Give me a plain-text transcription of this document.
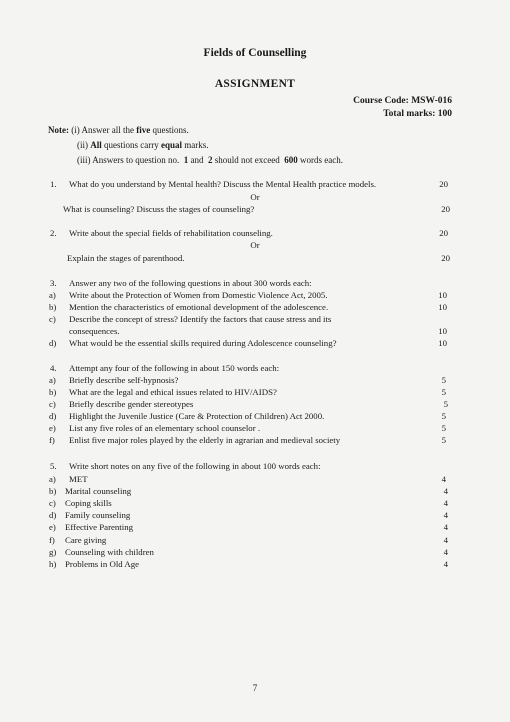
Fields of Counselling
ASSIGNMENT
Course Code: MSW-016
Total marks: 100
Note: (i) Answer all the five questions.
(ii) All questions carry equal marks.
(iii) Answers to question no. 1 and 2 should not exceed 600 words each.
1. What do you understand by Mental health? Discuss the Mental Health practice models.	20
Or
What is counseling? Discuss the stages of counseling?	20
2. Write about the special fields of rehabilitation counseling.	20
Or
Explain the stages of parenthood.	20
3. Answer any two of the following questions in about 300 words each:
a) Write about the Protection of Women from Domestic Violence Act, 2005.	10
b) Mention the characteristics of emotional development of the adolescence.	10
c) Describe the concept of stress? Identify the factors that cause stress and its
consequences.	10
d) What would be the essential skills required during Adolescence counseling?	10
4. Attempt any four of the following in about 150 words each:
a) Briefly describe self-hypnosis?	5
b) What are the legal and ethical issues related to HIV/AIDS?	5
c) Briefly describe gender stereotypes	5
d) Highlight the Juvenile Justice (Care & Protection of Children) Act 2000.	5
e) List any five roles of an elementary school counselor .	5
f) Enlist five major roles played by the elderly in agrarian and medieval society	5
5. Write short notes on any five of the following in about 100 words each:
a) MET	4
b) Marital counseling	4
c) Coping skills	4
d) Family counseling	4
e) Effective Parenting	4
f) Care giving	4
g) Counseling with children	4
h) Problems in Old Age	4
7
